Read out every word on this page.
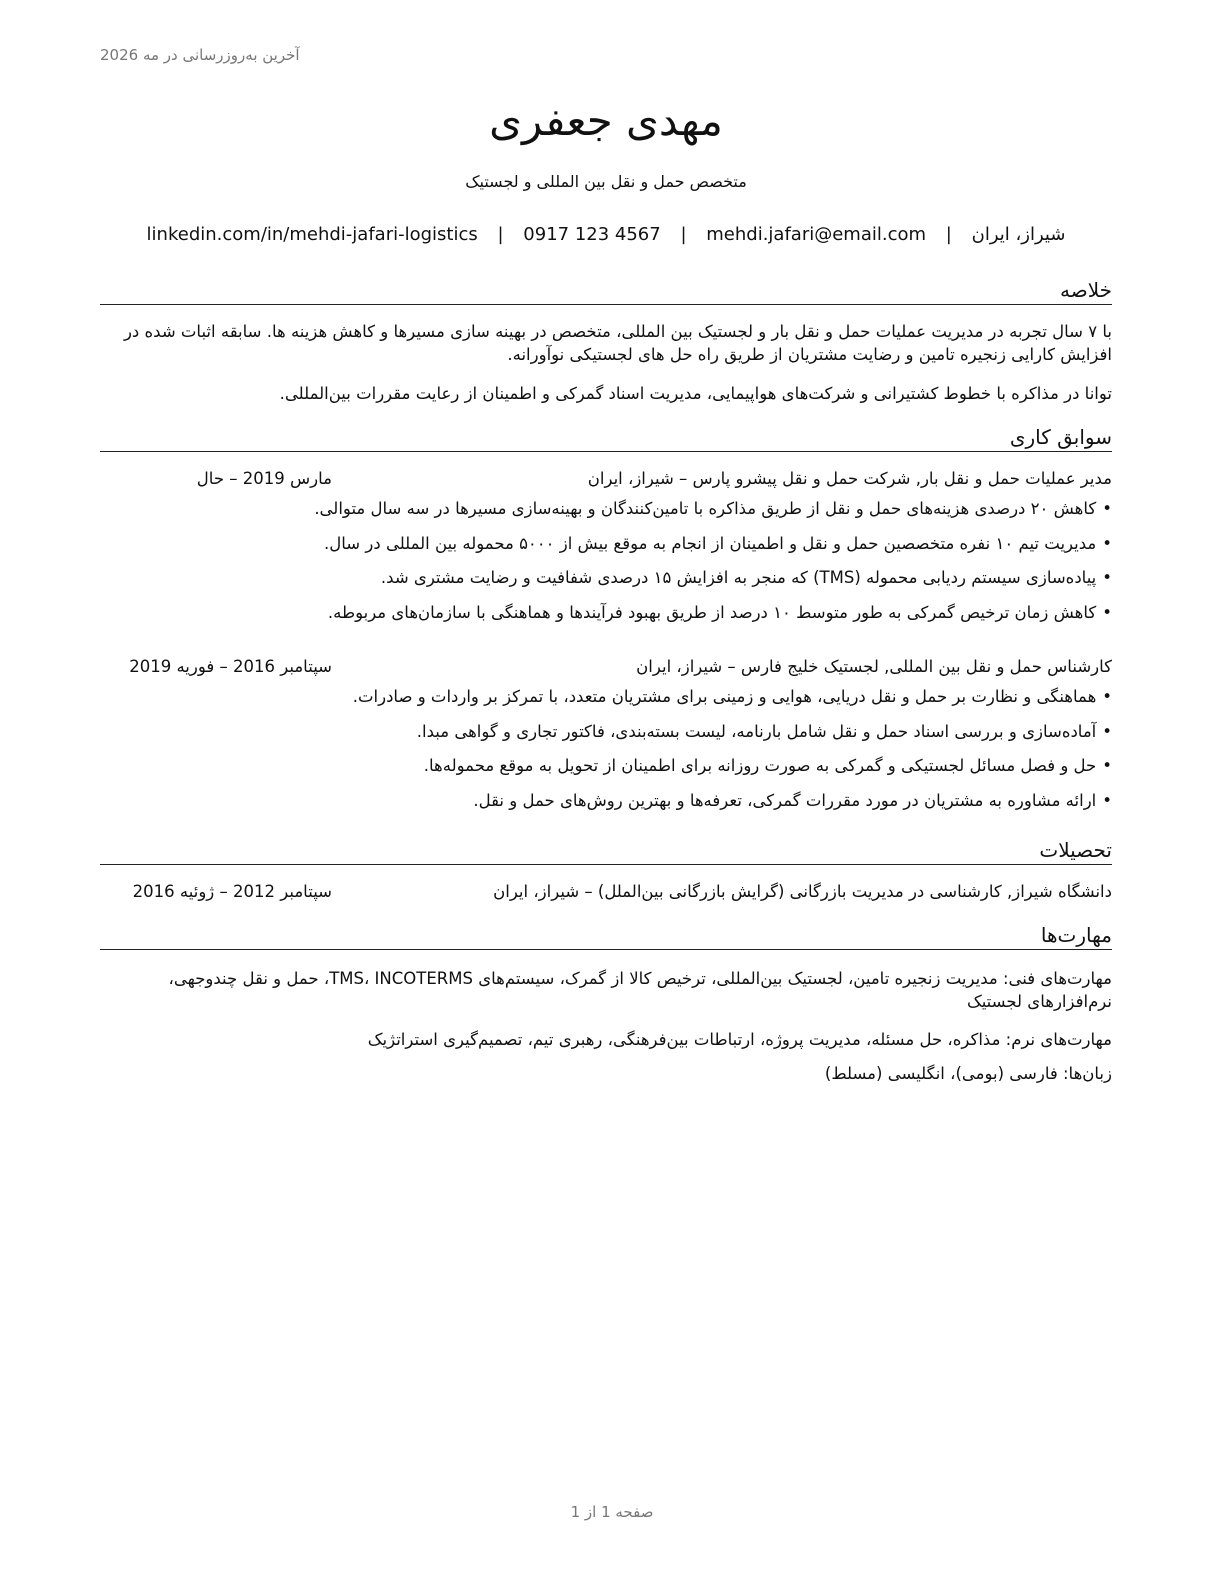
آخرین به‌روزرسانی در مه 2026
مهدی جعفری
متخصص حمل و نقل بین المللی و لجستیک
شیراز، ایران | mehdi.jafari@email.com | 0917 123 4567 | linkedin.com/in/mehdi-jafari-logistics
خلاصه
با ۷ سال تجربه در مدیریت عملیات حمل و نقل بار و لجستیک بین المللی، متخصص در بهینه سازی مسیرها و کاهش هزینه ها. سابقه اثبات شده در افزایش کارایی زنجیره تامین و رضایت مشتریان از طریق راه حل های لجستیکی نوآورانه.
توانا در مذاکره با خطوط کشتیرانی و شرکت‌های هواپیمایی، مدیریت اسناد گمرکی و اطمینان از رعایت مقررات بین‌المللی.
سوابق کاری
مدیر عملیات حمل و نقل بار, شرکت حمل و نقل پیشرو پارس – شیراز، ایران
مارس 2019 – حال
•کاهش ۲۰ درصدی هزینه‌های حمل و نقل از طریق مذاکره با تامین‌کنندگان و بهینه‌سازی مسیرها در سه سال متوالی.
•مدیریت تیم ۱۰ نفره متخصصین حمل و نقل و اطمینان از انجام به موقع بیش از ۵۰۰۰ محموله بین المللی در سال.
•پیاده‌سازی سیستم ردیابی محموله (TMS) که منجر به افزایش ۱۵ درصدی شفافیت و رضایت مشتری شد.
•کاهش زمان ترخیص گمرکی به طور متوسط ۱۰ درصد از طریق بهبود فرآیندها و هماهنگی با سازمان‌های مربوطه.
کارشناس حمل و نقل بین المللی, لجستیک خلیج فارس – شیراز، ایران
سپتامبر 2016 – فوریه 2019
•هماهنگی و نظارت بر حمل و نقل دریایی، هوایی و زمینی برای مشتریان متعدد، با تمرکز بر واردات و صادرات.
•آماده‌سازی و بررسی اسناد حمل و نقل شامل بارنامه، لیست بسته‌بندی، فاکتور تجاری و گواهی مبدا.
•حل و فصل مسائل لجستیکی و گمرکی به صورت روزانه برای اطمینان از تحویل به موقع محموله‌ها.
•ارائه مشاوره به مشتریان در مورد مقررات گمرکی، تعرفه‌ها و بهترین روش‌های حمل و نقل.
تحصیلات
دانشگاه شیراز, کارشناسی در مدیریت بازرگانی (گرایش بازرگانی بین‌الملل) – شیراز، ایران
سپتامبر 2012 – ژوئیه 2016
مهارت‌ها
مهارت‌های فنی: مدیریت زنجیره تامین، لجستیک بین‌المللی، ترخیص کالا از گمرک، سیستم‌های TMS، INCOTERMS، حمل و نقل چندوجهی، نرم‌افزارهای لجستیک
مهارت‌های نرم: مذاکره، حل مسئله، مدیریت پروژه، ارتباطات بین‌فرهنگی، رهبری تیم، تصمیم‌گیری استراتژیک
زبان‌ها: فارسی (بومی)، انگلیسی (مسلط)
صفحه 1 از 1
